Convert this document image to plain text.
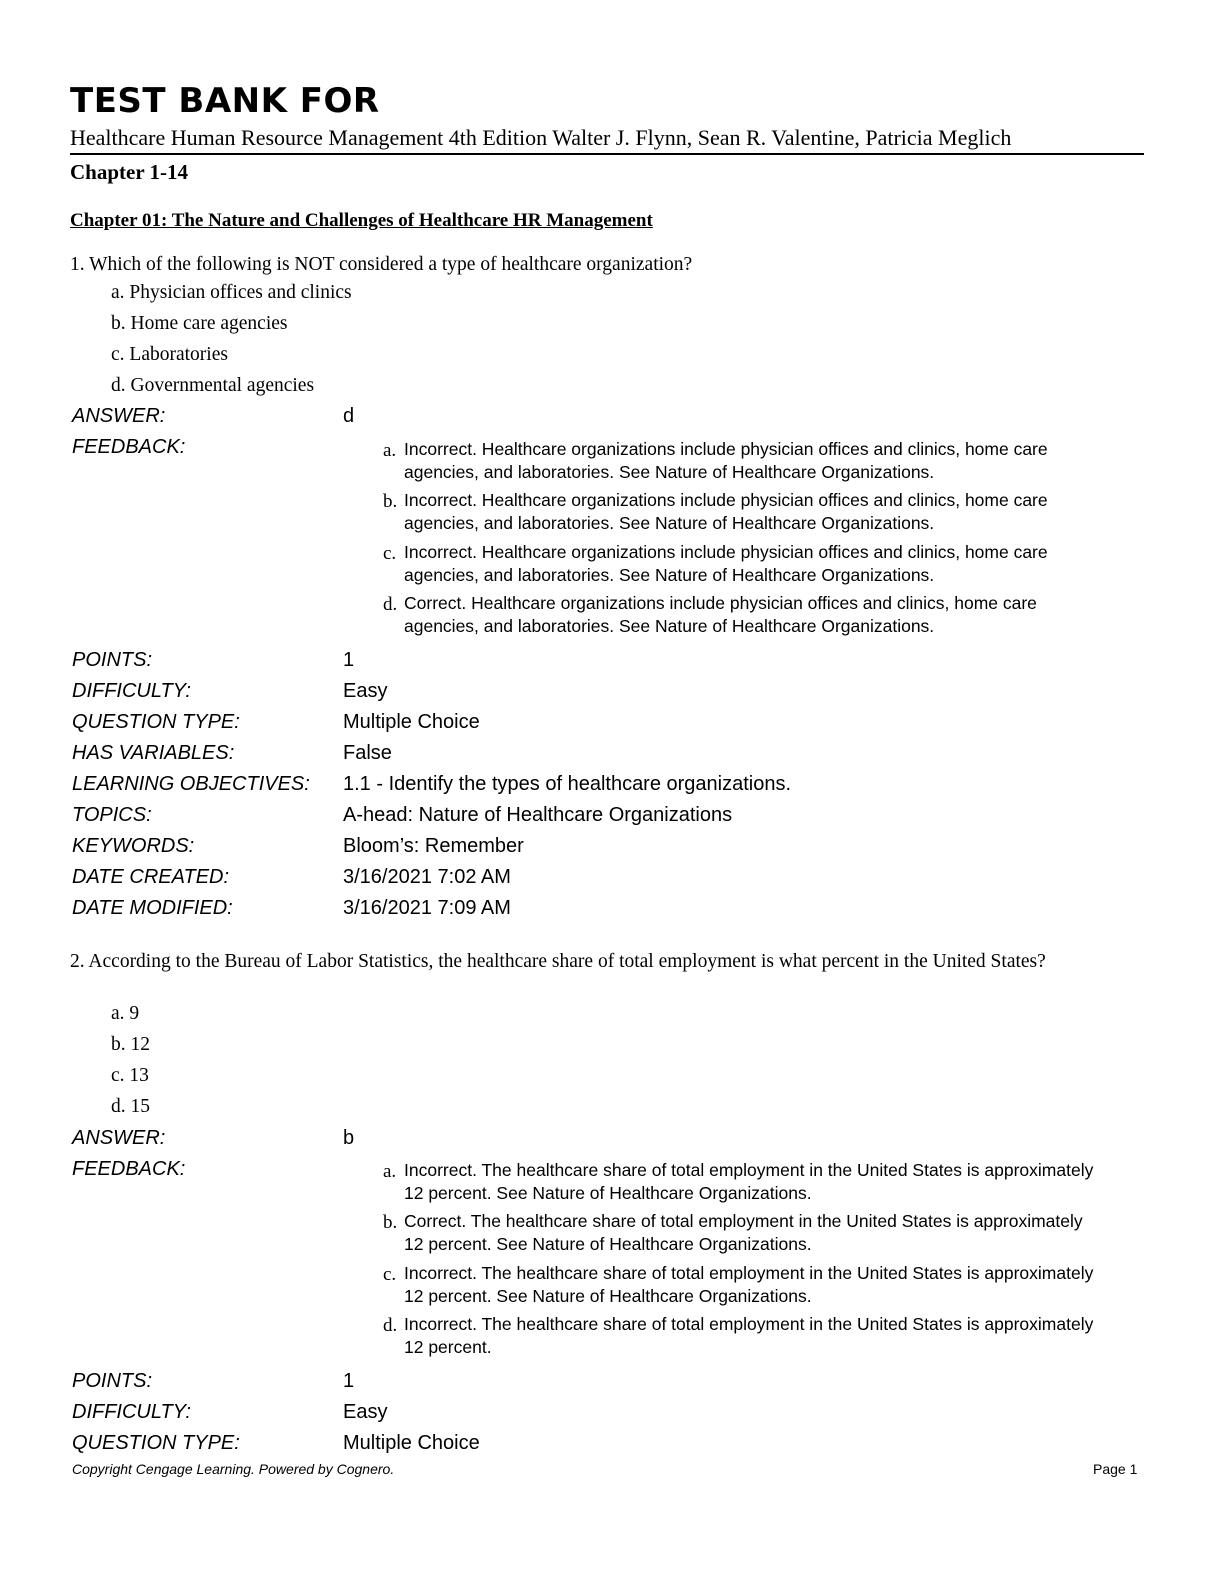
TEST BANK FOR
Healthcare Human Resource Management 4th Edition Walter J. Flynn, Sean R. Valentine, Patricia Meglich
Chapter 1-14
Chapter 01: The Nature and Challenges of Healthcare HR Management
1. Which of the following is NOT considered a type of healthcare organization?
a. Physician offices and clinics
b. Home care agencies
c. Laboratories
d. Governmental agencies
ANSWER:	d
FEEDBACK:	a. Incorrect. Healthcare organizations include physician offices and clinics, home care agencies, and laboratories. See Nature of Healthcare Organizations.
b. Incorrect. Healthcare organizations include physician offices and clinics, home care agencies, and laboratories. See Nature of Healthcare Organizations.
c. Incorrect. Healthcare organizations include physician offices and clinics, home care agencies, and laboratories. See Nature of Healthcare Organizations.
d. Correct. Healthcare organizations include physician offices and clinics, home care agencies, and laboratories. See Nature of Healthcare Organizations.
POINTS:	1
DIFFICULTY:	Easy
QUESTION TYPE:	Multiple Choice
HAS VARIABLES:	False
LEARNING OBJECTIVES: 1.1 - Identify the types of healthcare organizations.
TOPICS:	A-head: Nature of Healthcare Organizations
KEYWORDS:	Bloom’s: Remember
DATE CREATED:	3/16/2021 7:02 AM
DATE MODIFIED:	3/16/2021 7:09 AM
2. According to the Bureau of Labor Statistics, the healthcare share of total employment is what percent in the United States?
a. 9
b. 12
c. 13
d. 15
ANSWER:	b
FEEDBACK:	a. Incorrect. The healthcare share of total employment in the United States is approximately 12 percent. See Nature of Healthcare Organizations.
b. Correct. The healthcare share of total employment in the United States is approximately 12 percent. See Nature of Healthcare Organizations.
c. Incorrect. The healthcare share of total employment in the United States is approximately 12 percent. See Nature of Healthcare Organizations.
d. Incorrect. The healthcare share of total employment in the United States is approximately 12 percent.
POINTS:	1
DIFFICULTY:	Easy
QUESTION TYPE:	Multiple Choice
Copyright Cengage Learning. Powered by Cognero.	Page 1
